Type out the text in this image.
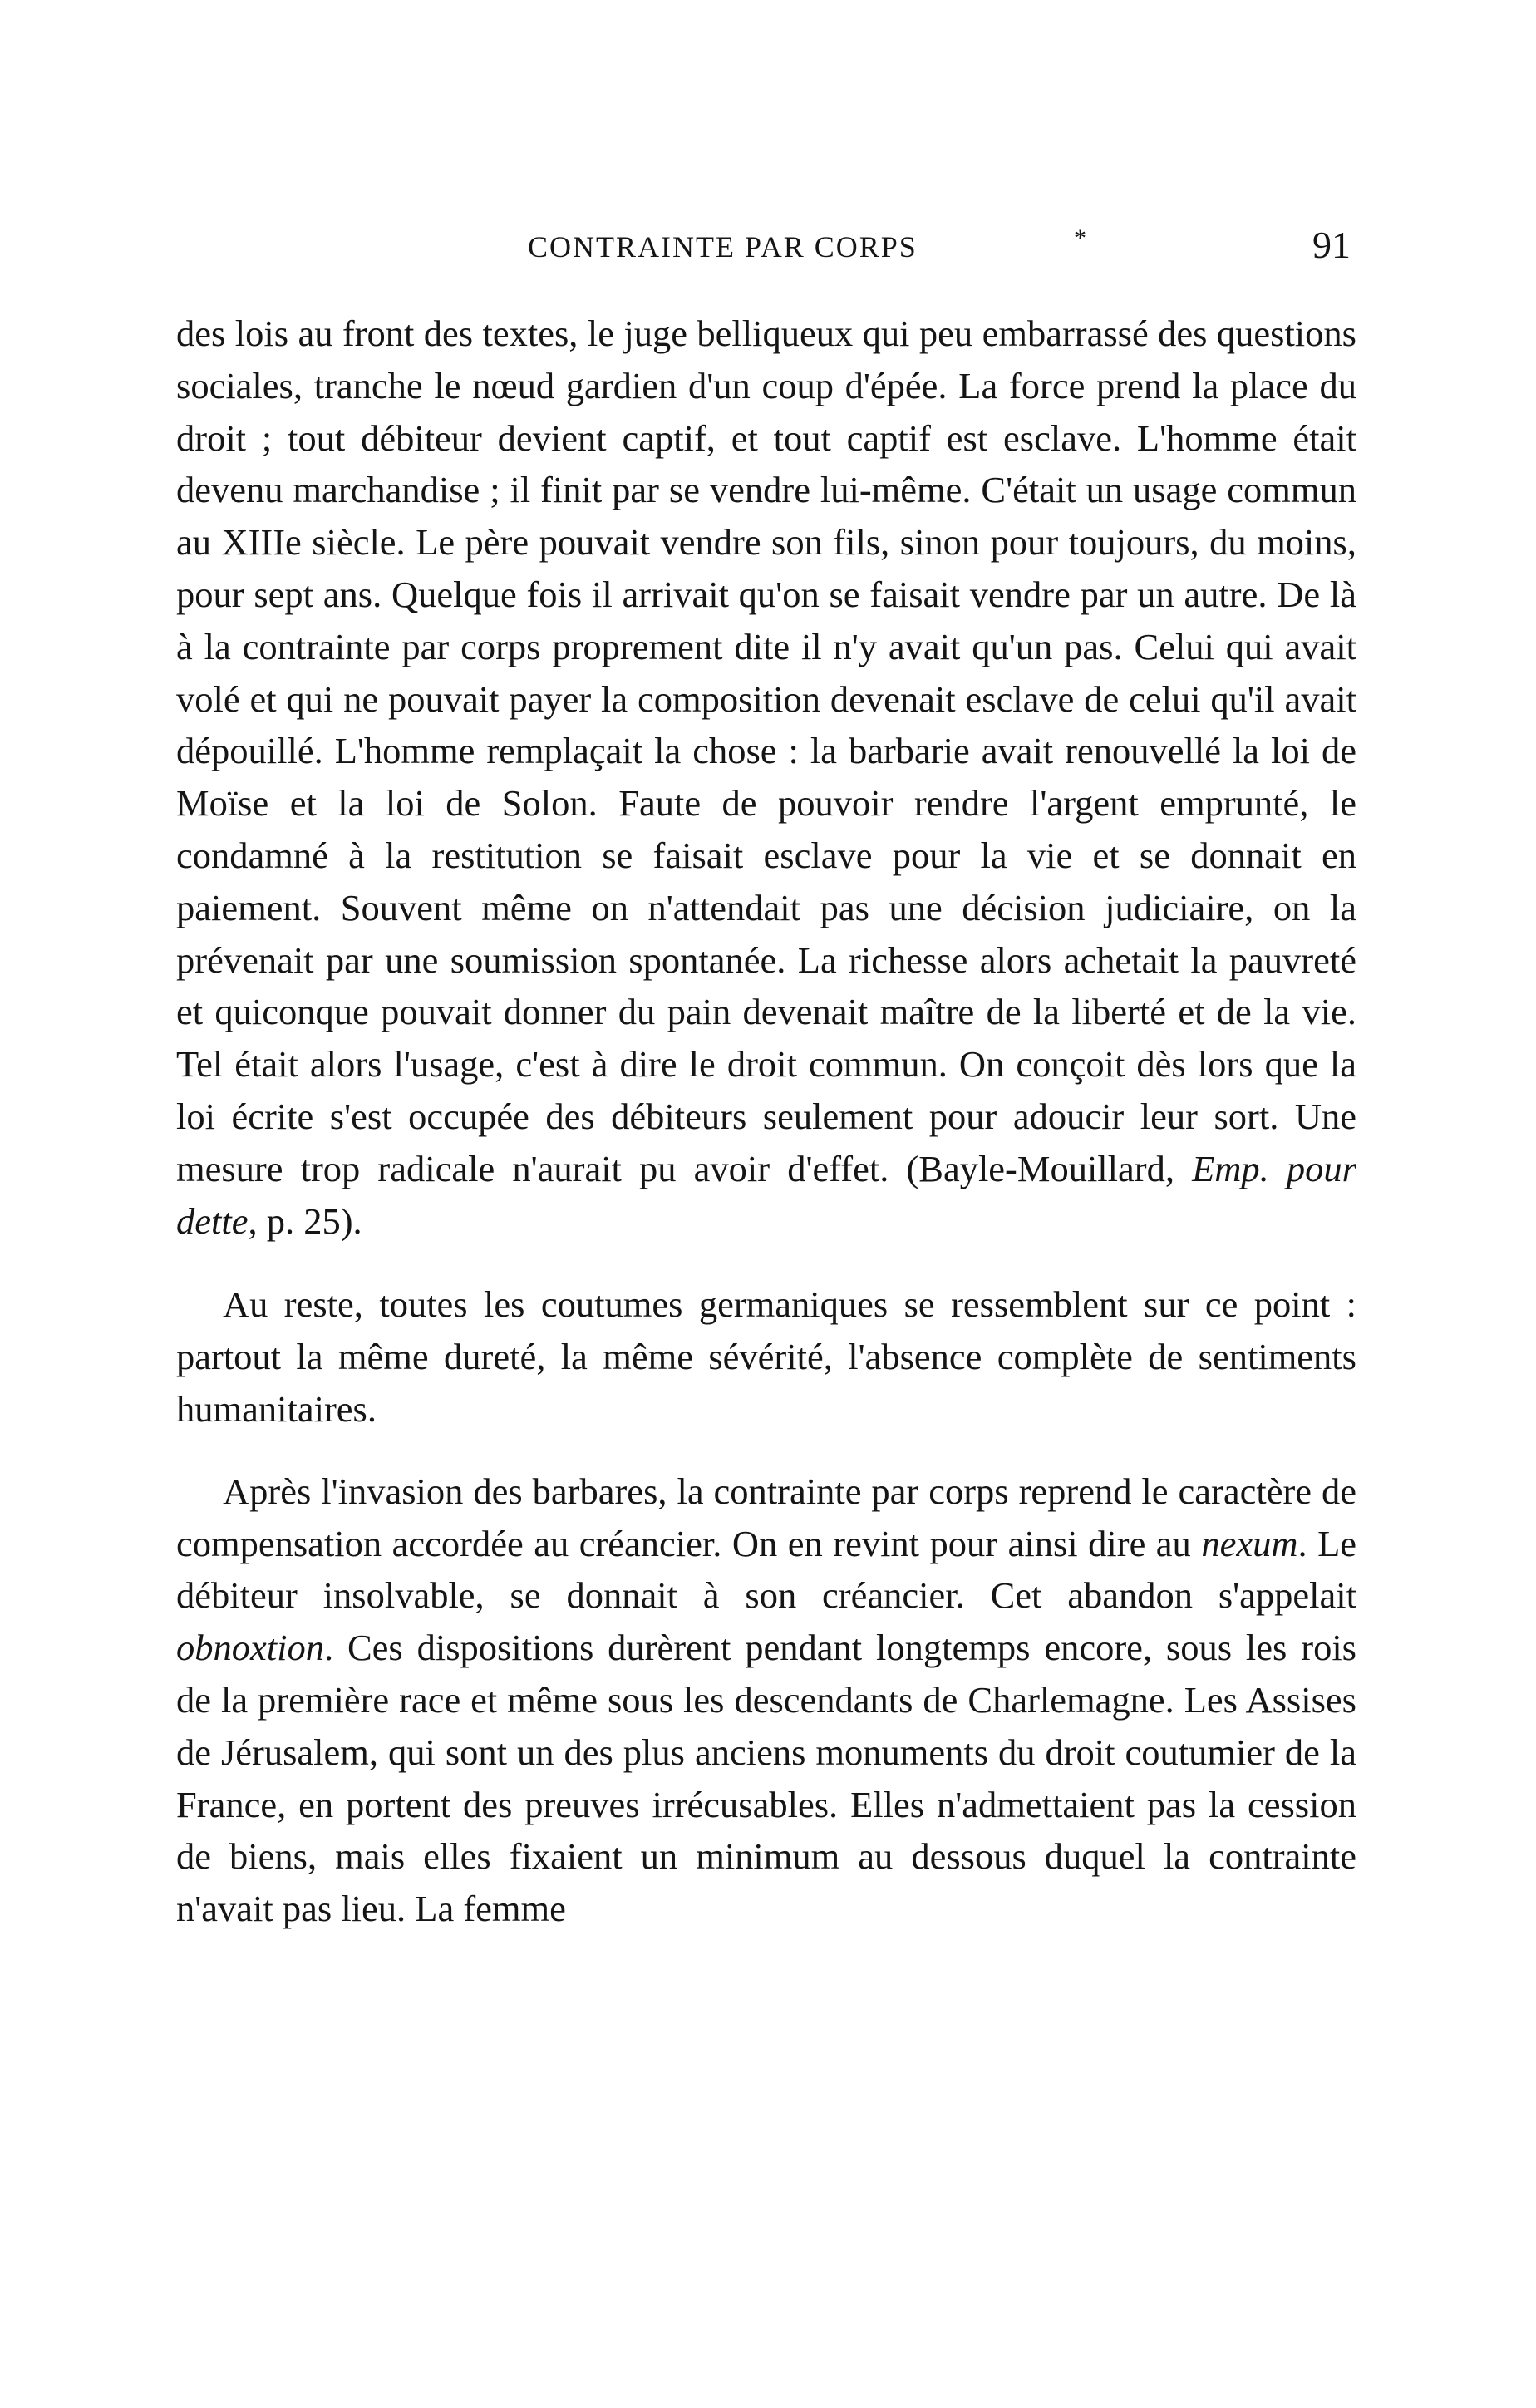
CONTRAINTE PAR CORPS	*	91

des lois au front des textes, le juge belliqueux qui peu embarrassé des questions sociales, tranche le nœud gardien d'un coup d'épée. La force prend la place du droit ; tout débiteur devient captif, et tout captif est esclave. L'homme était devenu marchandise ; il finit par se vendre lui-même. C'était un usage commun au XIIIe siècle. Le père pouvait vendre son fils, sinon pour toujours, du moins, pour sept ans. Quelque fois il arrivait qu'on se faisait vendre par un autre. De là à la contrainte par corps proprement dite il n'y avait qu'un pas. Celui qui avait volé et qui ne pouvait payer la composition devenait esclave de celui qu'il avait dépouillé. L'homme remplaçait la chose : la barbarie avait renouvellé la loi de Moïse et la loi de Solon. Faute de pouvoir rendre l'argent emprunté, le condamné à la restitution se faisait esclave pour la vie et se donnait en paiement. Souvent même on n'attendait pas une décision judiciaire, on la prévenait par une soumission spontanée. La richesse alors achetait la pauvreté et quiconque pouvait donner du pain devenait maître de la liberté et de la vie. Tel était alors l'usage, c'est à dire le droit commun. On conçoit dès lors que la loi écrite s'est occupée des débiteurs seulement pour adoucir leur sort. Une mesure trop radicale n'aurait pu avoir d'effet. (Bayle-Mouillard, Emp. pour dette, p. 25).

Au reste, toutes les coutumes germaniques se ressemblent sur ce point : partout la même dureté, la même sévérité, l'absence complète de sentiments humanitaires.

Après l'invasion des barbares, la contrainte par corps reprend le caractère de compensation accordée au créancier. On en revint pour ainsi dire au nexum. Le débiteur insolvable, se donnait à son créancier. Cet abandon s'appelait obnoxtion. Ces dispositions durèrent pendant longtemps encore, sous les rois de la première race et même sous les descendants de Charlemagne. Les Assises de Jérusalem, qui sont un des plus anciens monuments du droit coutumier de la France, en portent des preuves irrécusables. Elles n'admettaient pas la cession de biens, mais elles fixaient un minimum au dessous duquel la contrainte n'avait pas lieu. La femme
